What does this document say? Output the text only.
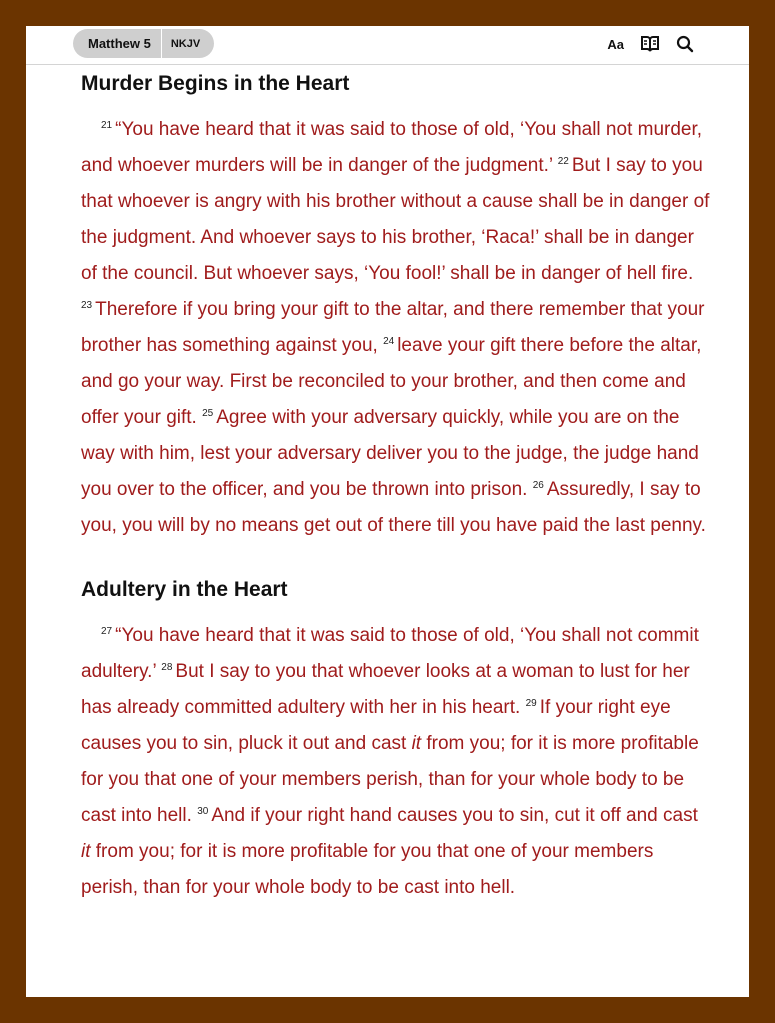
Matthew 5	NKJV	Aa
Murder Begins in the Heart

$^{21}$ “You have heard that it was said to those of old, ‘You shall not murder, and whoever murders will be in danger of the judgment.’ $^{22}$ But I say to you that whoever is angry with his brother without a cause shall be in danger of the judgment. And whoever says to his brother, ‘Raca!’ shall be in danger of the council. But whoever says, ‘You fool!’ shall be in danger of hell fire. $^{23}$ Therefore if you bring your gift to the altar, and there remember that your brother has something against you, $^{24}$ leave your gift there before the altar, and go your way. First be reconciled to your brother, and then come and offer your gift. $^{25}$ Agree with your adversary quickly, while you are on the way with him, lest your adversary deliver you to the judge, the judge hand you over to the officer, and you be thrown into prison. $^{26}$ Assuredly, I say to you, you will by no means get out of there till you have paid the last penny.

Adultery in the Heart

$^{27}$ “You have heard that it was said to those of old, ‘You shall not commit adultery.’ $^{28}$ But I say to you that whoever looks at a woman to lust for her has already committed adultery with her in his heart. $^{29}$ If your right eye causes you to sin, pluck it out and cast it from you; for it is more profitable for you that one of your members perish, than for your whole body to be cast into hell. $^{30}$ And if your right hand causes you to sin, cut it off and cast it from you; for it is more profitable for you that one of your members perish, than for your whole body to be cast into hell.
